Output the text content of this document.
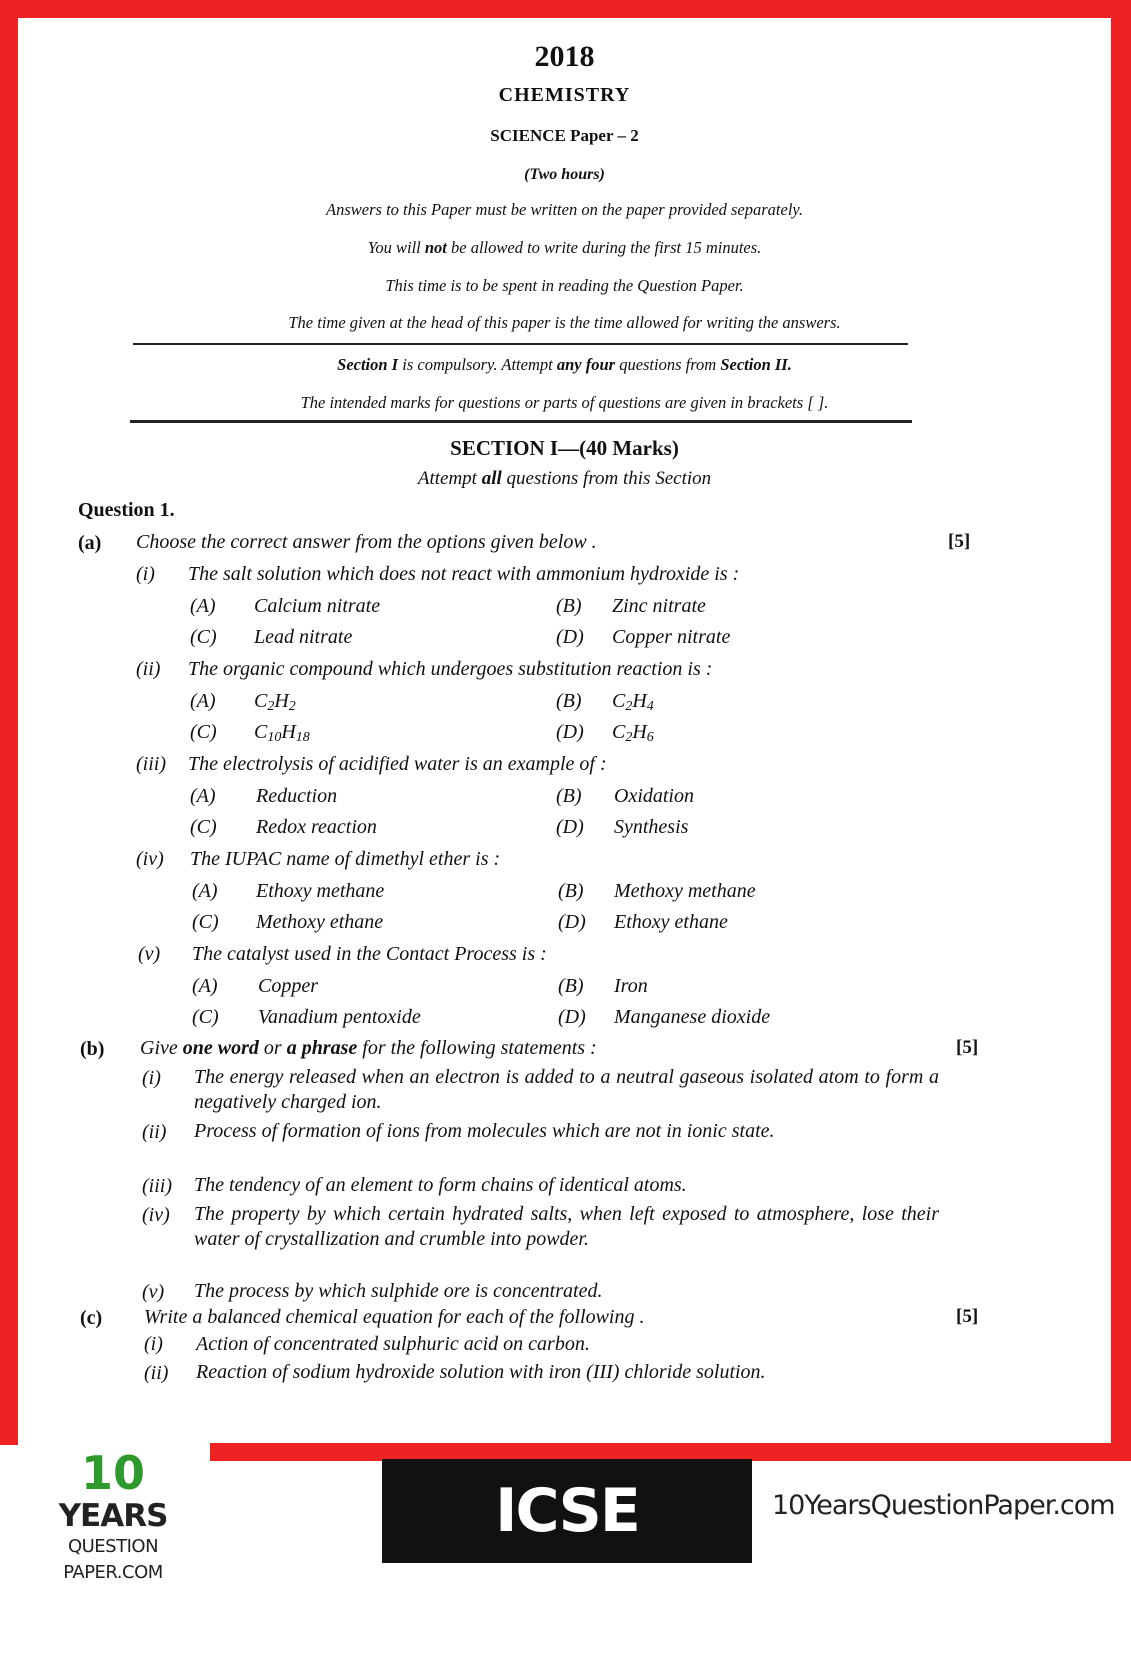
2018
CHEMISTRY
SCIENCE Paper – 2
(Two hours)
Answers to this Paper must be written on the paper provided separately.
You will not be allowed to write during the first 15 minutes.
This time is to be spent in reading the Question Paper.
The time given at the head of this paper is the time allowed for writing the answers.
Section I is compulsory. Attempt any four questions from Section II.
The intended marks for questions or parts of questions are given in brackets [ ].
SECTION I—(40 Marks)
Attempt all questions from this Section
Question 1.
(a) Choose the correct answer from the options given below .	[5]
(i) The salt solution which does not react with ammonium hydroxide is :
(A) Calcium nitrate	(B) Zinc nitrate
(C) Lead nitrate	(D) Copper nitrate
(ii) The organic compound which undergoes substitution reaction is :
(A) $C_2H_2$	(B) $C_2H_4$
(C) $C_{10}H_{18}$	(D) $C_2H_6$
(iii) The electrolysis of acidified water is an example of :
(A) Reduction	(B) Oxidation
(C) Redox reaction	(D) Synthesis
(iv) The IUPAC name of dimethyl ether is :
(A) Ethoxy methane	(B) Methoxy methane
(C) Methoxy ethane	(D) Ethoxy ethane
(v) The catalyst used in the Contact Process is :
(A) Copper	(B) Iron
(C) Vanadium pentoxide	(D) Manganese dioxide
(b) Give one word or a phrase for the following statements :	[5]
(i) The energy released when an electron is added to a neutral gaseous isolated atom to form a negatively charged ion.
(ii) Process of formation of ions from molecules which are not in ionic state.
(iii) The tendency of an element to form chains of identical atoms.
(iv) The property by which certain hydrated salts, when left exposed to atmosphere, lose their water of crystallization and crumble into powder.
(v) The process by which sulphide ore is concentrated.
(c) Write a balanced chemical equation for each of the following .	[5]
(i) Action of concentrated sulphuric acid on carbon.
(ii) Reaction of sodium hydroxide solution with iron (III) chloride solution.
10
YEARS
QUESTION PAPER.COM
ICSE BOARD X
10YearsQuestionPaper.com
